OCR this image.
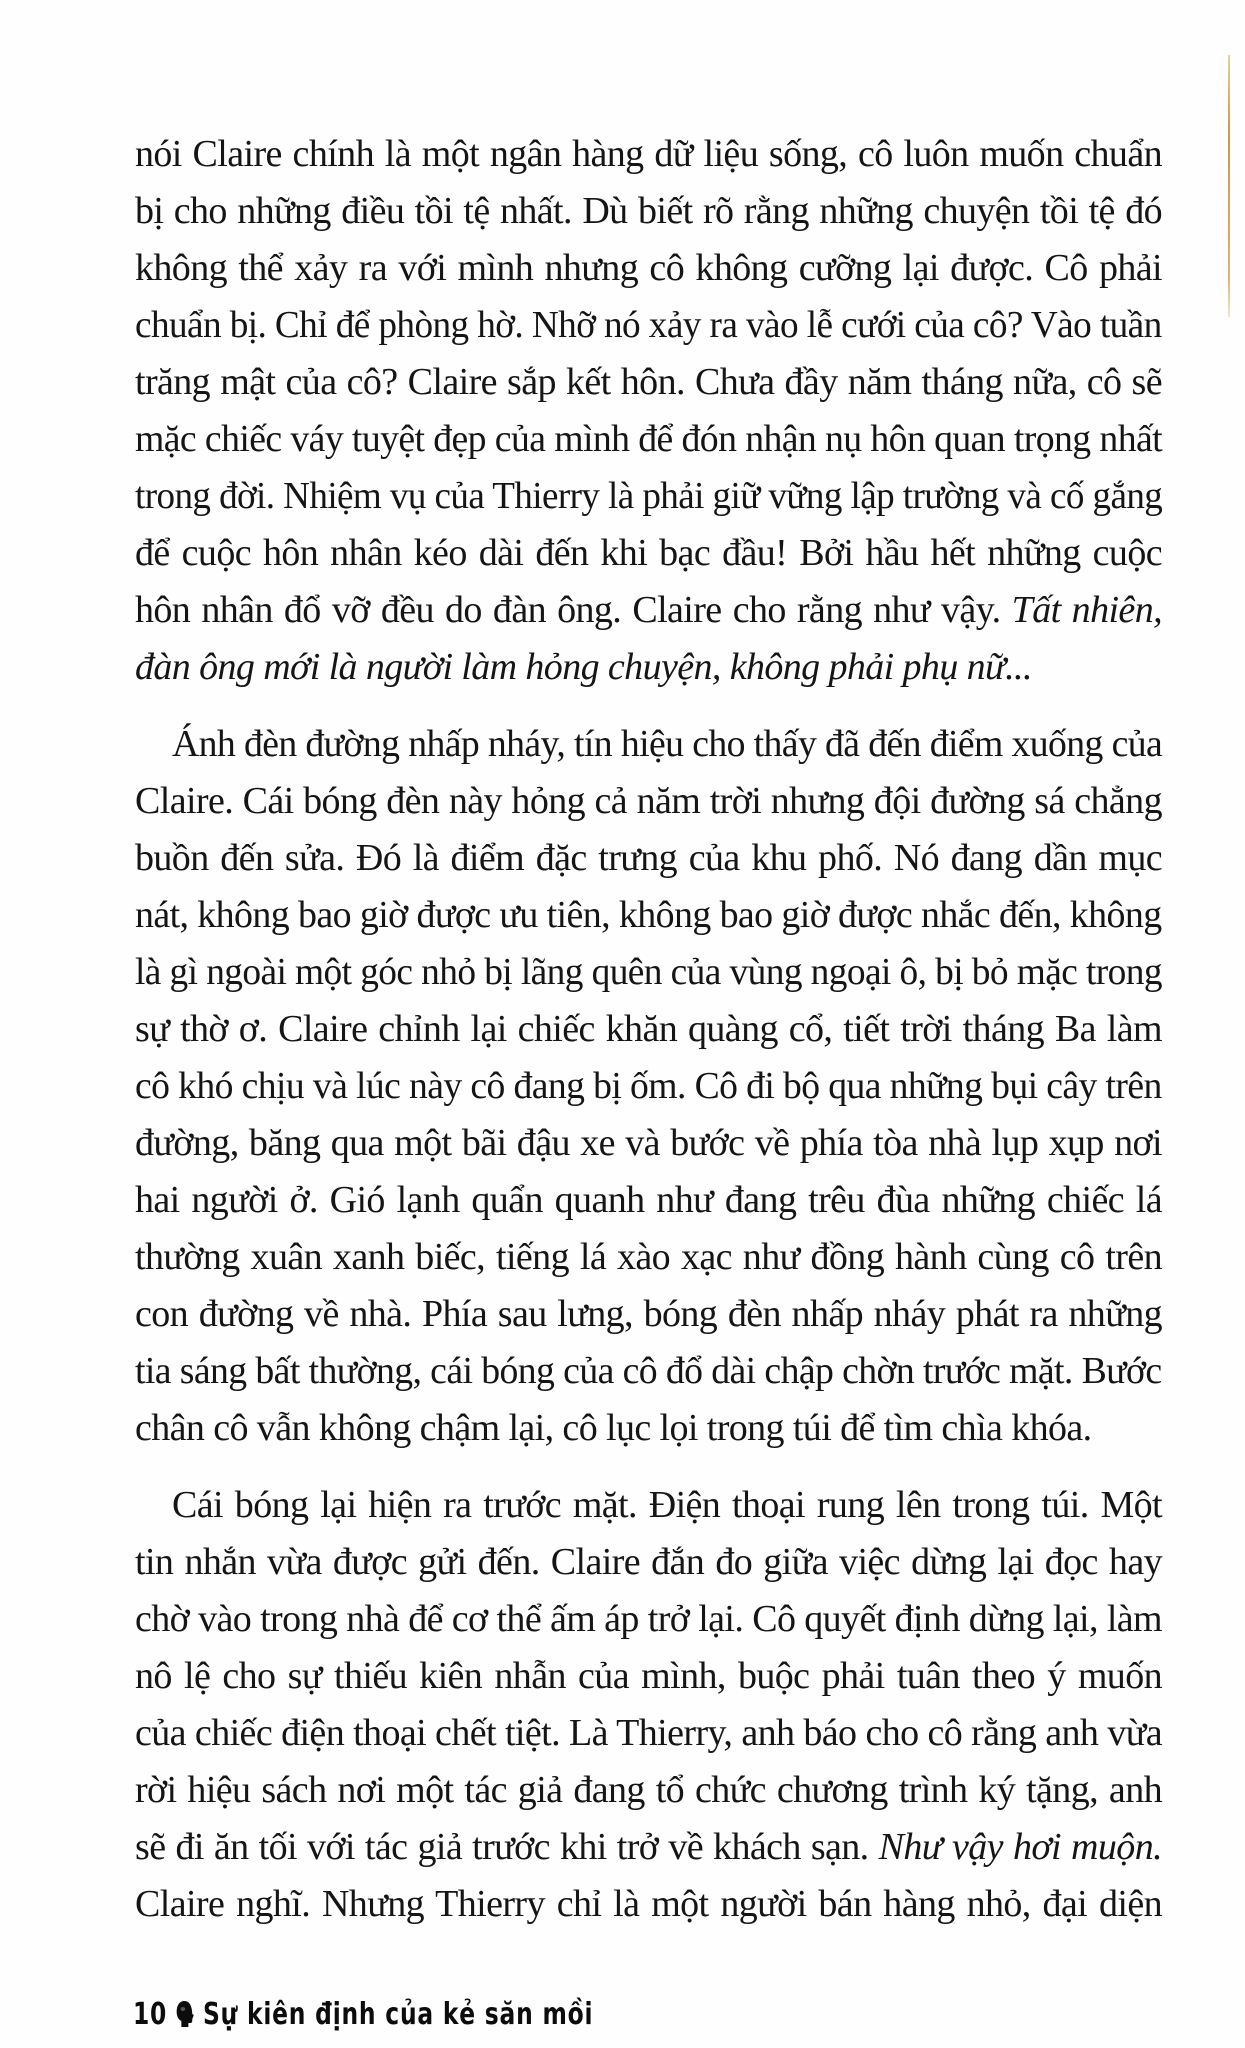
nói Claire chính là một ngân hàng dữ liệu sống, cô luôn muốn chuẩn
bị cho những điều tồi tệ nhất. Dù biết rõ rằng những chuyện tồi tệ đó
không thể xảy ra với mình nhưng cô không cưỡng lại được. Cô phải
chuẩn bị. Chỉ để phòng hờ. Nhỡ nó xảy ra vào lễ cưới của cô? Vào tuần
trăng mật của cô? Claire sắp kết hôn. Chưa đầy năm tháng nữa, cô sẽ
mặc chiếc váy tuyệt đẹp của mình để đón nhận nụ hôn quan trọng nhất
trong đời. Nhiệm vụ của Thierry là phải giữ vững lập trường và cố gắng
để cuộc hôn nhân kéo dài đến khi bạc đầu! Bởi hầu hết những cuộc
hôn nhân đổ vỡ đều do đàn ông. Claire cho rằng như vậy. Tất nhiên,
đàn ông mới là người làm hỏng chuyện, không phải phụ nữ...
Ánh đèn đường nhấp nháy, tín hiệu cho thấy đã đến điểm xuống của
Claire. Cái bóng đèn này hỏng cả năm trời nhưng đội đường sá chẳng
buồn đến sửa. Đó là điểm đặc trưng của khu phố. Nó đang dần mục
nát, không bao giờ được ưu tiên, không bao giờ được nhắc đến, không
là gì ngoài một góc nhỏ bị lãng quên của vùng ngoại ô, bị bỏ mặc trong
sự thờ ơ. Claire chỉnh lại chiếc khăn quàng cổ, tiết trời tháng Ba làm
cô khó chịu và lúc này cô đang bị ốm. Cô đi bộ qua những bụi cây trên
đường, băng qua một bãi đậu xe và bước về phía tòa nhà lụp xụp nơi
hai người ở. Gió lạnh quẩn quanh như đang trêu đùa những chiếc lá
thường xuân xanh biếc, tiếng lá xào xạc như đồng hành cùng cô trên
con đường về nhà. Phía sau lưng, bóng đèn nhấp nháy phát ra những
tia sáng bất thường, cái bóng của cô đổ dài chập chờn trước mặt. Bước
chân cô vẫn không chậm lại, cô lục lọi trong túi để tìm chìa khóa.
Cái bóng lại hiện ra trước mặt. Điện thoại rung lên trong túi. Một
tin nhắn vừa được gửi đến. Claire đắn đo giữa việc dừng lại đọc hay
chờ vào trong nhà để cơ thể ấm áp trở lại. Cô quyết định dừng lại, làm
nô lệ cho sự thiếu kiên nhẫn của mình, buộc phải tuân theo ý muốn
của chiếc điện thoại chết tiệt. Là Thierry, anh báo cho cô rằng anh vừa
rời hiệu sách nơi một tác giả đang tổ chức chương trình ký tặng, anh
sẽ đi ăn tối với tác giả trước khi trở về khách sạn. Như vậy hơi muộn.
Claire nghĩ. Nhưng Thierry chỉ là một người bán hàng nhỏ, đại diện
10 Sự kiên định của kẻ săn mồi
